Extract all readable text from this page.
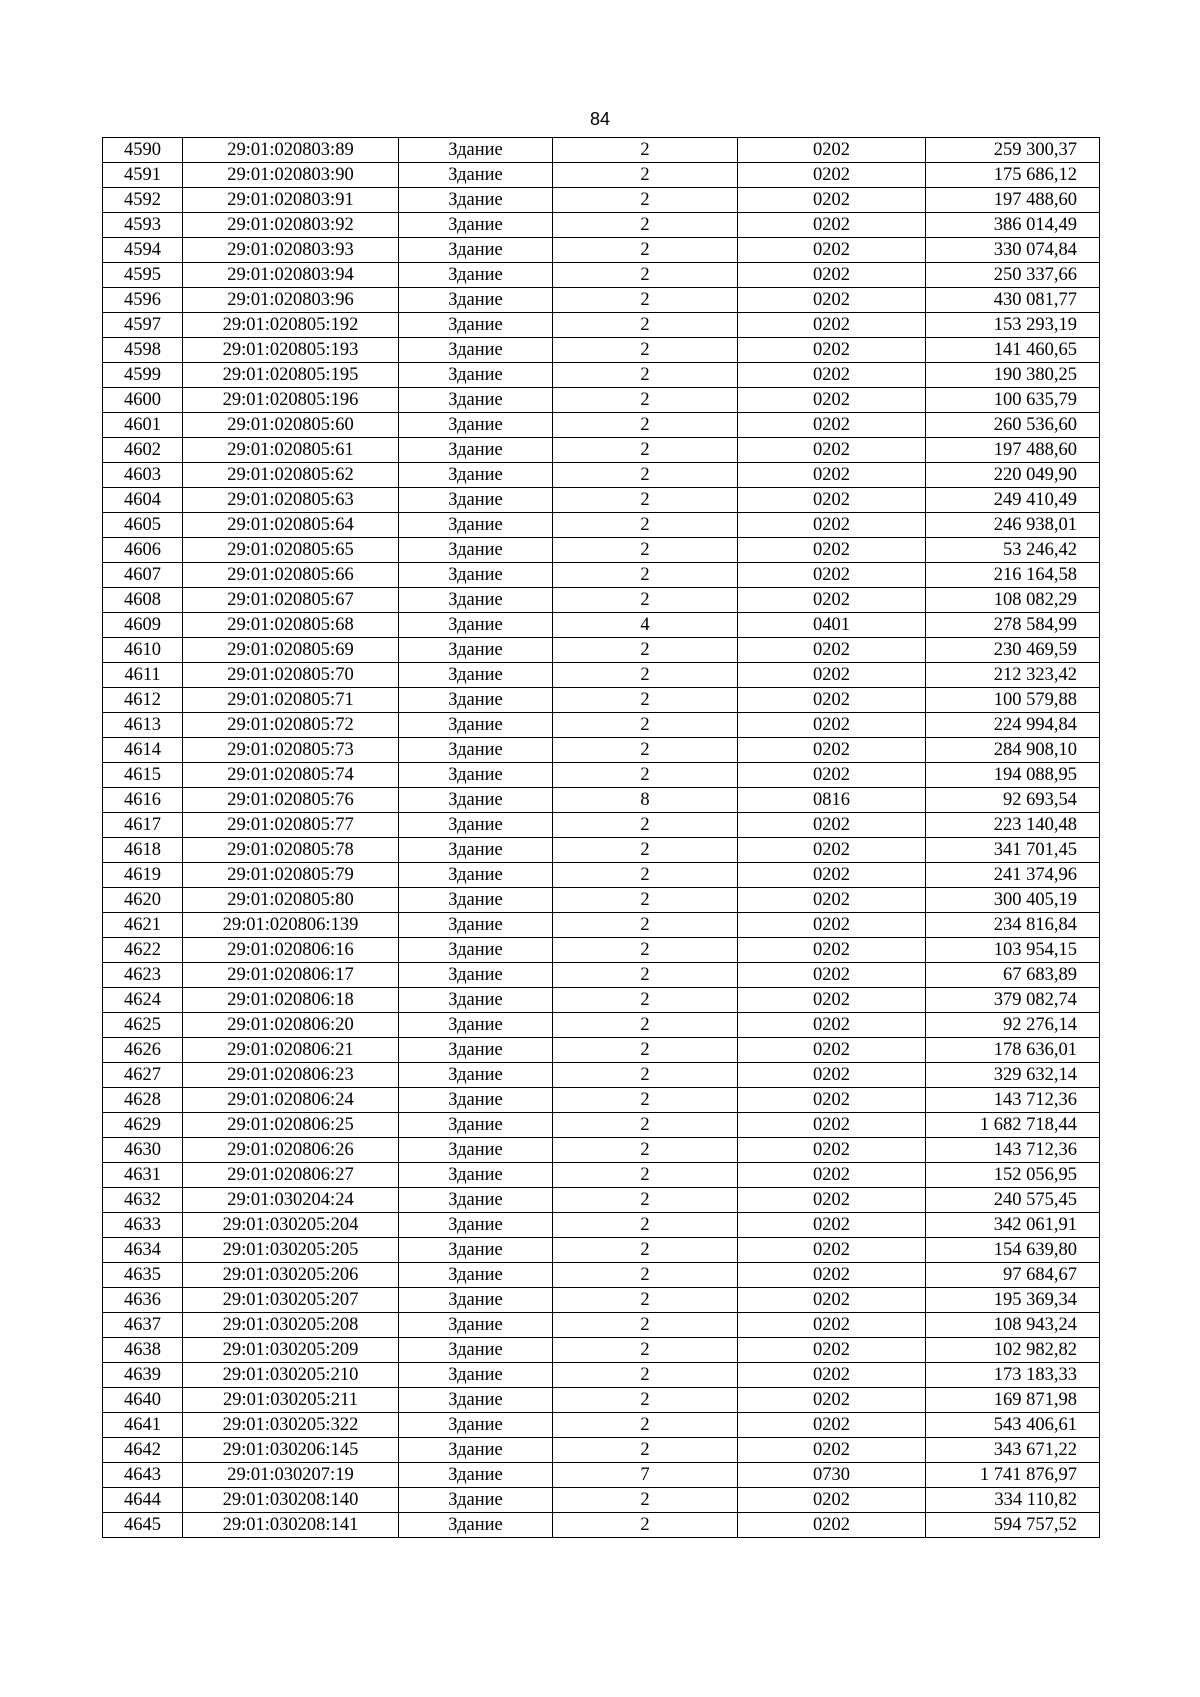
84
4590	29:01:020803:89	Здание	2	0202	259 300,37
4591	29:01:020803:90	Здание	2	0202	175 686,12
4592	29:01:020803:91	Здание	2	0202	197 488,60
4593	29:01:020803:92	Здание	2	0202	386 014,49
4594	29:01:020803:93	Здание	2	0202	330 074,84
4595	29:01:020803:94	Здание	2	0202	250 337,66
4596	29:01:020803:96	Здание	2	0202	430 081,77
4597	29:01:020805:192	Здание	2	0202	153 293,19
4598	29:01:020805:193	Здание	2	0202	141 460,65
4599	29:01:020805:195	Здание	2	0202	190 380,25
4600	29:01:020805:196	Здание	2	0202	100 635,79
4601	29:01:020805:60	Здание	2	0202	260 536,60
4602	29:01:020805:61	Здание	2	0202	197 488,60
4603	29:01:020805:62	Здание	2	0202	220 049,90
4604	29:01:020805:63	Здание	2	0202	249 410,49
4605	29:01:020805:64	Здание	2	0202	246 938,01
4606	29:01:020805:65	Здание	2	0202	53 246,42
4607	29:01:020805:66	Здание	2	0202	216 164,58
4608	29:01:020805:67	Здание	2	0202	108 082,29
4609	29:01:020805:68	Здание	4	0401	278 584,99
4610	29:01:020805:69	Здание	2	0202	230 469,59
4611	29:01:020805:70	Здание	2	0202	212 323,42
4612	29:01:020805:71	Здание	2	0202	100 579,88
4613	29:01:020805:72	Здание	2	0202	224 994,84
4614	29:01:020805:73	Здание	2	0202	284 908,10
4615	29:01:020805:74	Здание	2	0202	194 088,95
4616	29:01:020805:76	Здание	8	0816	92 693,54
4617	29:01:020805:77	Здание	2	0202	223 140,48
4618	29:01:020805:78	Здание	2	0202	341 701,45
4619	29:01:020805:79	Здание	2	0202	241 374,96
4620	29:01:020805:80	Здание	2	0202	300 405,19
4621	29:01:020806:139	Здание	2	0202	234 816,84
4622	29:01:020806:16	Здание	2	0202	103 954,15
4623	29:01:020806:17	Здание	2	0202	67 683,89
4624	29:01:020806:18	Здание	2	0202	379 082,74
4625	29:01:020806:20	Здание	2	0202	92 276,14
4626	29:01:020806:21	Здание	2	0202	178 636,01
4627	29:01:020806:23	Здание	2	0202	329 632,14
4628	29:01:020806:24	Здание	2	0202	143 712,36
4629	29:01:020806:25	Здание	2	0202	1 682 718,44
4630	29:01:020806:26	Здание	2	0202	143 712,36
4631	29:01:020806:27	Здание	2	0202	152 056,95
4632	29:01:030204:24	Здание	2	0202	240 575,45
4633	29:01:030205:204	Здание	2	0202	342 061,91
4634	29:01:030205:205	Здание	2	0202	154 639,80
4635	29:01:030205:206	Здание	2	0202	97 684,67
4636	29:01:030205:207	Здание	2	0202	195 369,34
4637	29:01:030205:208	Здание	2	0202	108 943,24
4638	29:01:030205:209	Здание	2	0202	102 982,82
4639	29:01:030205:210	Здание	2	0202	173 183,33
4640	29:01:030205:211	Здание	2	0202	169 871,98
4641	29:01:030205:322	Здание	2	0202	543 406,61
4642	29:01:030206:145	Здание	2	0202	343 671,22
4643	29:01:030207:19	Здание	7	0730	1 741 876,97
4644	29:01:030208:140	Здание	2	0202	334 110,82
4645	29:01:030208:141	Здание	2	0202	594 757,52
